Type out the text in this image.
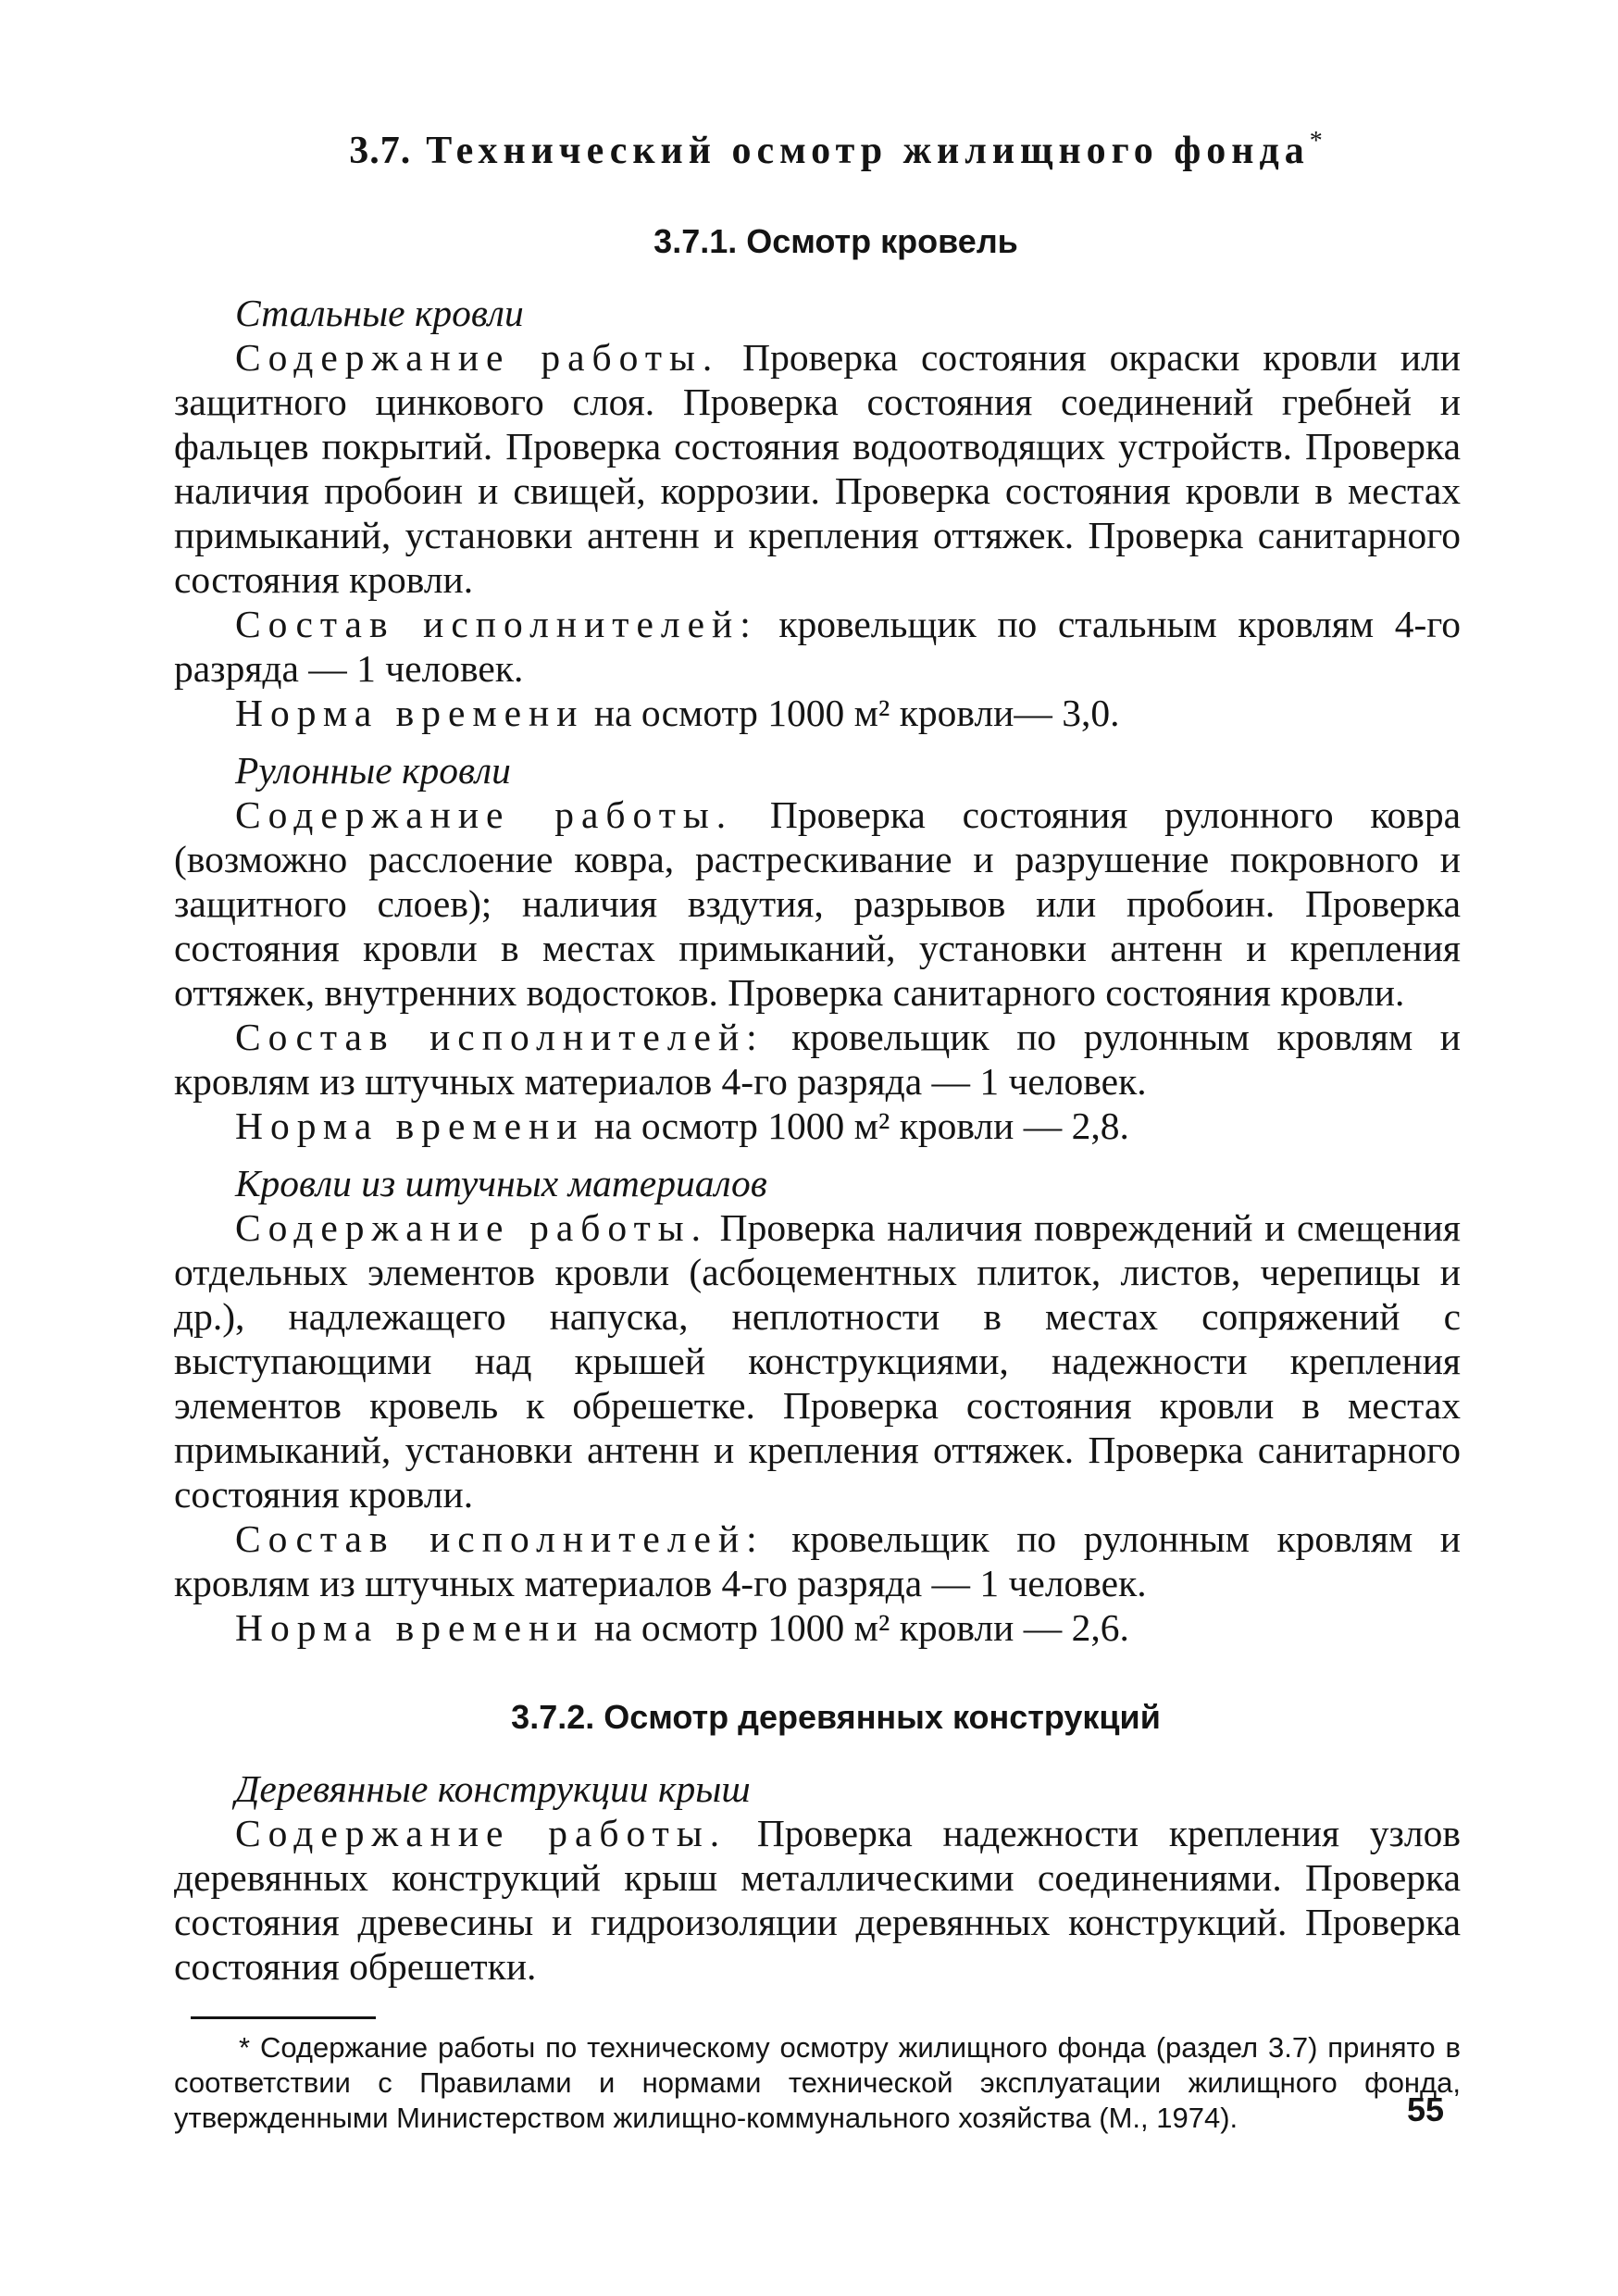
3.7. Технический осмотр жилищного фонда*
3.7.1. Осмотр кровель

Стальные кровли

Содержание работы. Проверка состояния окраски кровли или защитного цинкового слоя. Проверка состояния соединений гребней и фальцев покрытий. Проверка состояния водоотводящих устройств. Проверка наличия пробоин и свищей, коррозии. Проверка состояния кровли в местах примыканий, установки антенн и крепления оттяжек. Проверка санитарного состояния кровли.

Состав исполнителей: кровельщик по стальным кровлям 4-го разряда — 1 человек.

Норма времени на осмотр 1000 м² кровли— 3,0.

Рулонные кровли

Содержание работы. Проверка состояния рулонного ковра (возможно расслоение ковра, растрескивание и разрушение покровного и защитного слоев); наличия вздутия, разрывов или пробоин. Проверка состояния кровли в местах примыканий, установки антенн и крепления оттяжек, внутренних водостоков. Проверка санитарного состояния кровли.

Состав исполнителей: кровельщик по рулонным кровлям и кровлям из штучных материалов 4-го разряда — 1 человек.

Норма времени на осмотр 1000 м² кровли — 2,8.

Кровли из штучных материалов

Содержание работы. Проверка наличия повреждений и смещения отдельных элементов кровли (асбоцементных плиток, листов, черепицы и др.), надлежащего напуска, неплотности в местах сопряжений с выступающими над крышей конструкциями, надежности крепления элементов кровель к обрешетке. Проверка состояния кровли в местах примыканий, установки антенн и крепления оттяжек. Проверка санитарного состояния кровли.

Состав исполнителей: кровельщик по рулонным кровлям и кровлям из штучных материалов 4-го разряда — 1 человек.

Норма времени на осмотр 1000 м² кровли — 2,6.

3.7.2. Осмотр деревянных конструкций

Деревянные конструкции крыш

Содержание работы. Проверка надежности крепления узлов деревянных конструкций крыш металлическими соединениями. Проверка состояния древесины и гидроизоляции деревянных конструкций. Проверка состояния обрешетки.

* Содержание работы по техническому осмотру жилищного фонда (раздел 3.7) принято в соответствии с Правилами и нормами технической эксплуатации жилищного фонда, утвержденными Министерством жилищно-коммунального хозяйства (М., 1974).	55
